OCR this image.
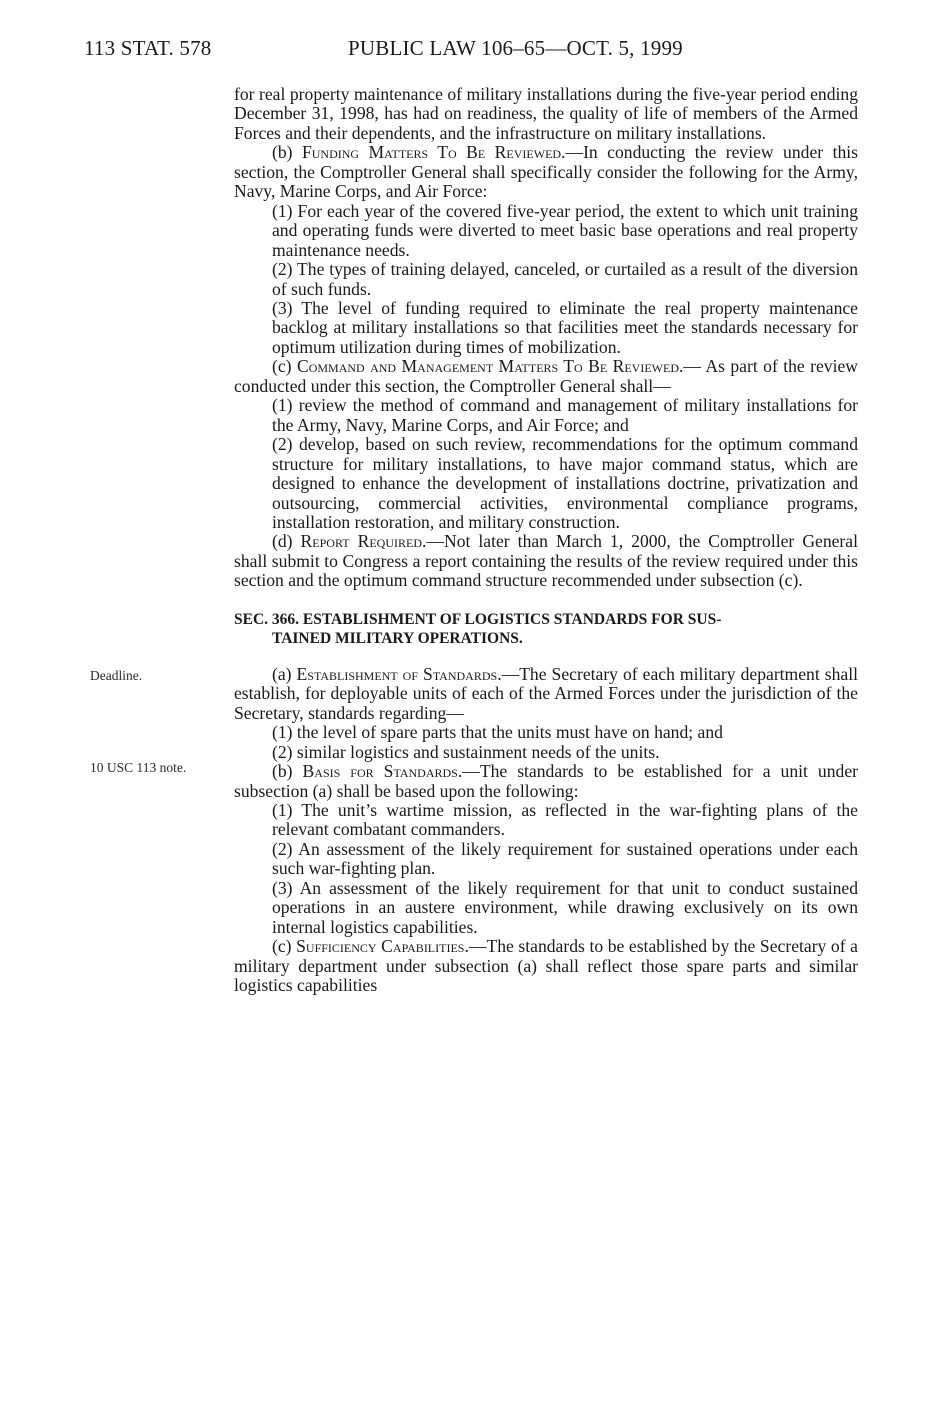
113 STAT. 578	PUBLIC LAW 106–65—OCT. 5, 1999
Deadline.
10 USC 113 note.

for real property maintenance of military installations during the five-year period ending December 31, 1998, has had on readiness, the quality of life of members of the Armed Forces and their dependents, and the infrastructure on military installations.

(b) Funding Matters To Be Reviewed.—In conducting the review under this section, the Comptroller General shall specifically consider the following for the Army, Navy, Marine Corps, and Air Force:

(1) For each year of the covered five-year period, the extent to which unit training and operating funds were diverted to meet basic base operations and real property maintenance needs.

(2) The types of training delayed, canceled, or curtailed as a result of the diversion of such funds.

(3) The level of funding required to eliminate the real property maintenance backlog at military installations so that facilities meet the standards necessary for optimum utilization during times of mobilization.

(c) Command and Management Matters To Be Reviewed.— As part of the review conducted under this section, the Comptroller General shall—

(1) review the method of command and management of military installations for the Army, Navy, Marine Corps, and Air Force; and

(2) develop, based on such review, recommendations for the optimum command structure for military installations, to have major command status, which are designed to enhance the development of installations doctrine, privatization and outsourcing, commercial activities, environmental compliance programs, installation restoration, and military construction.

(d) Report Required.—Not later than March 1, 2000, the Comptroller General shall submit to Congress a report containing the results of the review required under this section and the optimum command structure recommended under subsection (c).

SEC. 366. ESTABLISHMENT OF LOGISTICS STANDARDS FOR SUS-
TAINED MILITARY OPERATIONS.

(a) Establishment of Standards.—The Secretary of each military department shall establish, for deployable units of each of the Armed Forces under the jurisdiction of the Secretary, standards regarding—

(1) the level of spare parts that the units must have on hand; and

(2) similar logistics and sustainment needs of the units.

(b) Basis for Standards.—The standards to be established for a unit under subsection (a) shall be based upon the following:

(1) The unit’s wartime mission, as reflected in the war-fighting plans of the relevant combatant commanders.

(2) An assessment of the likely requirement for sustained operations under each such war-fighting plan.

(3) An assessment of the likely requirement for that unit to conduct sustained operations in an austere environment, while drawing exclusively on its own internal logistics capabilities.

(c) Sufficiency Capabilities.—The standards to be established by the Secretary of a military department under subsection (a) shall reflect those spare parts and similar logistics capabilities
